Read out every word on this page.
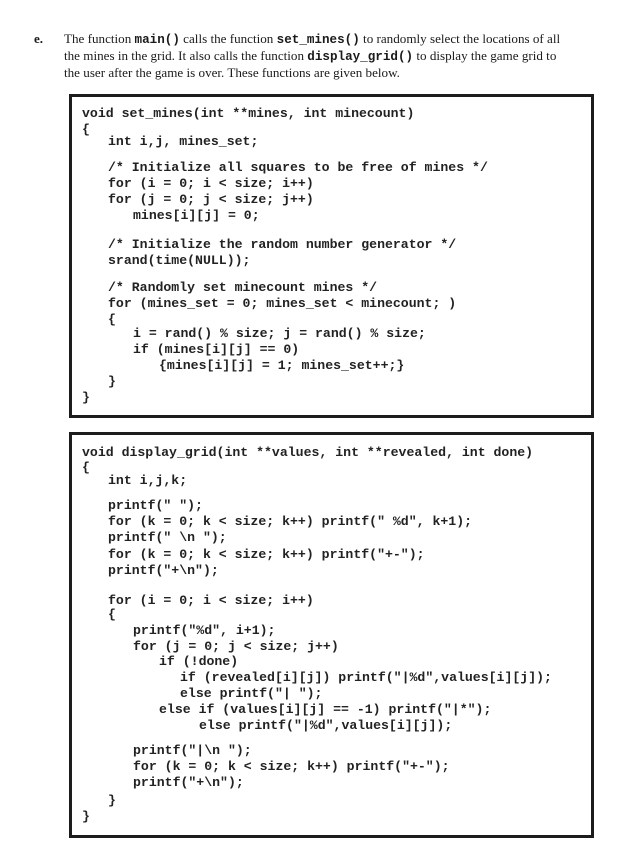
e. The function main() calls the function set_mines() to randomly select the locations of all
the mines in the grid. It also calls the function display_grid() to display the game grid to
the user after the game is over. These functions are given below.
void set_mines(int **mines, int minecount)
{
int i,j, mines_set;
/* Initialize all squares to be free of mines */
for (i = 0; i < size; i++)
for (j = 0; j < size; j++)
mines[i][j] = 0;
/* Initialize the random number generator */
srand(time(NULL));
/* Randomly set minecount mines */
for (mines_set = 0; mines_set < minecount; )
{
i = rand() % size; j = rand() % size;
if (mines[i][j] == 0)
{mines[i][j] = 1; mines_set++;}
}
}
void display_grid(int **values, int **revealed, int done)
{
int i,j,k;
printf(" ");
for (k = 0; k < size; k++) printf(" %d", k+1);
printf(" \n ");
for (k = 0; k < size; k++) printf("+-");
printf("+\n");
for (i = 0; i < size; i++)
{
printf("%d", i+1);
for (j = 0; j < size; j++)
if (!done)
if (revealed[i][j]) printf("|%d",values[i][j]);
else printf("| ");
else if (values[i][j] == -1) printf("|*");
else printf("|%d",values[i][j]);
printf("|\n ");
for (k = 0; k < size; k++) printf("+-");
printf("+\n");
}
}
